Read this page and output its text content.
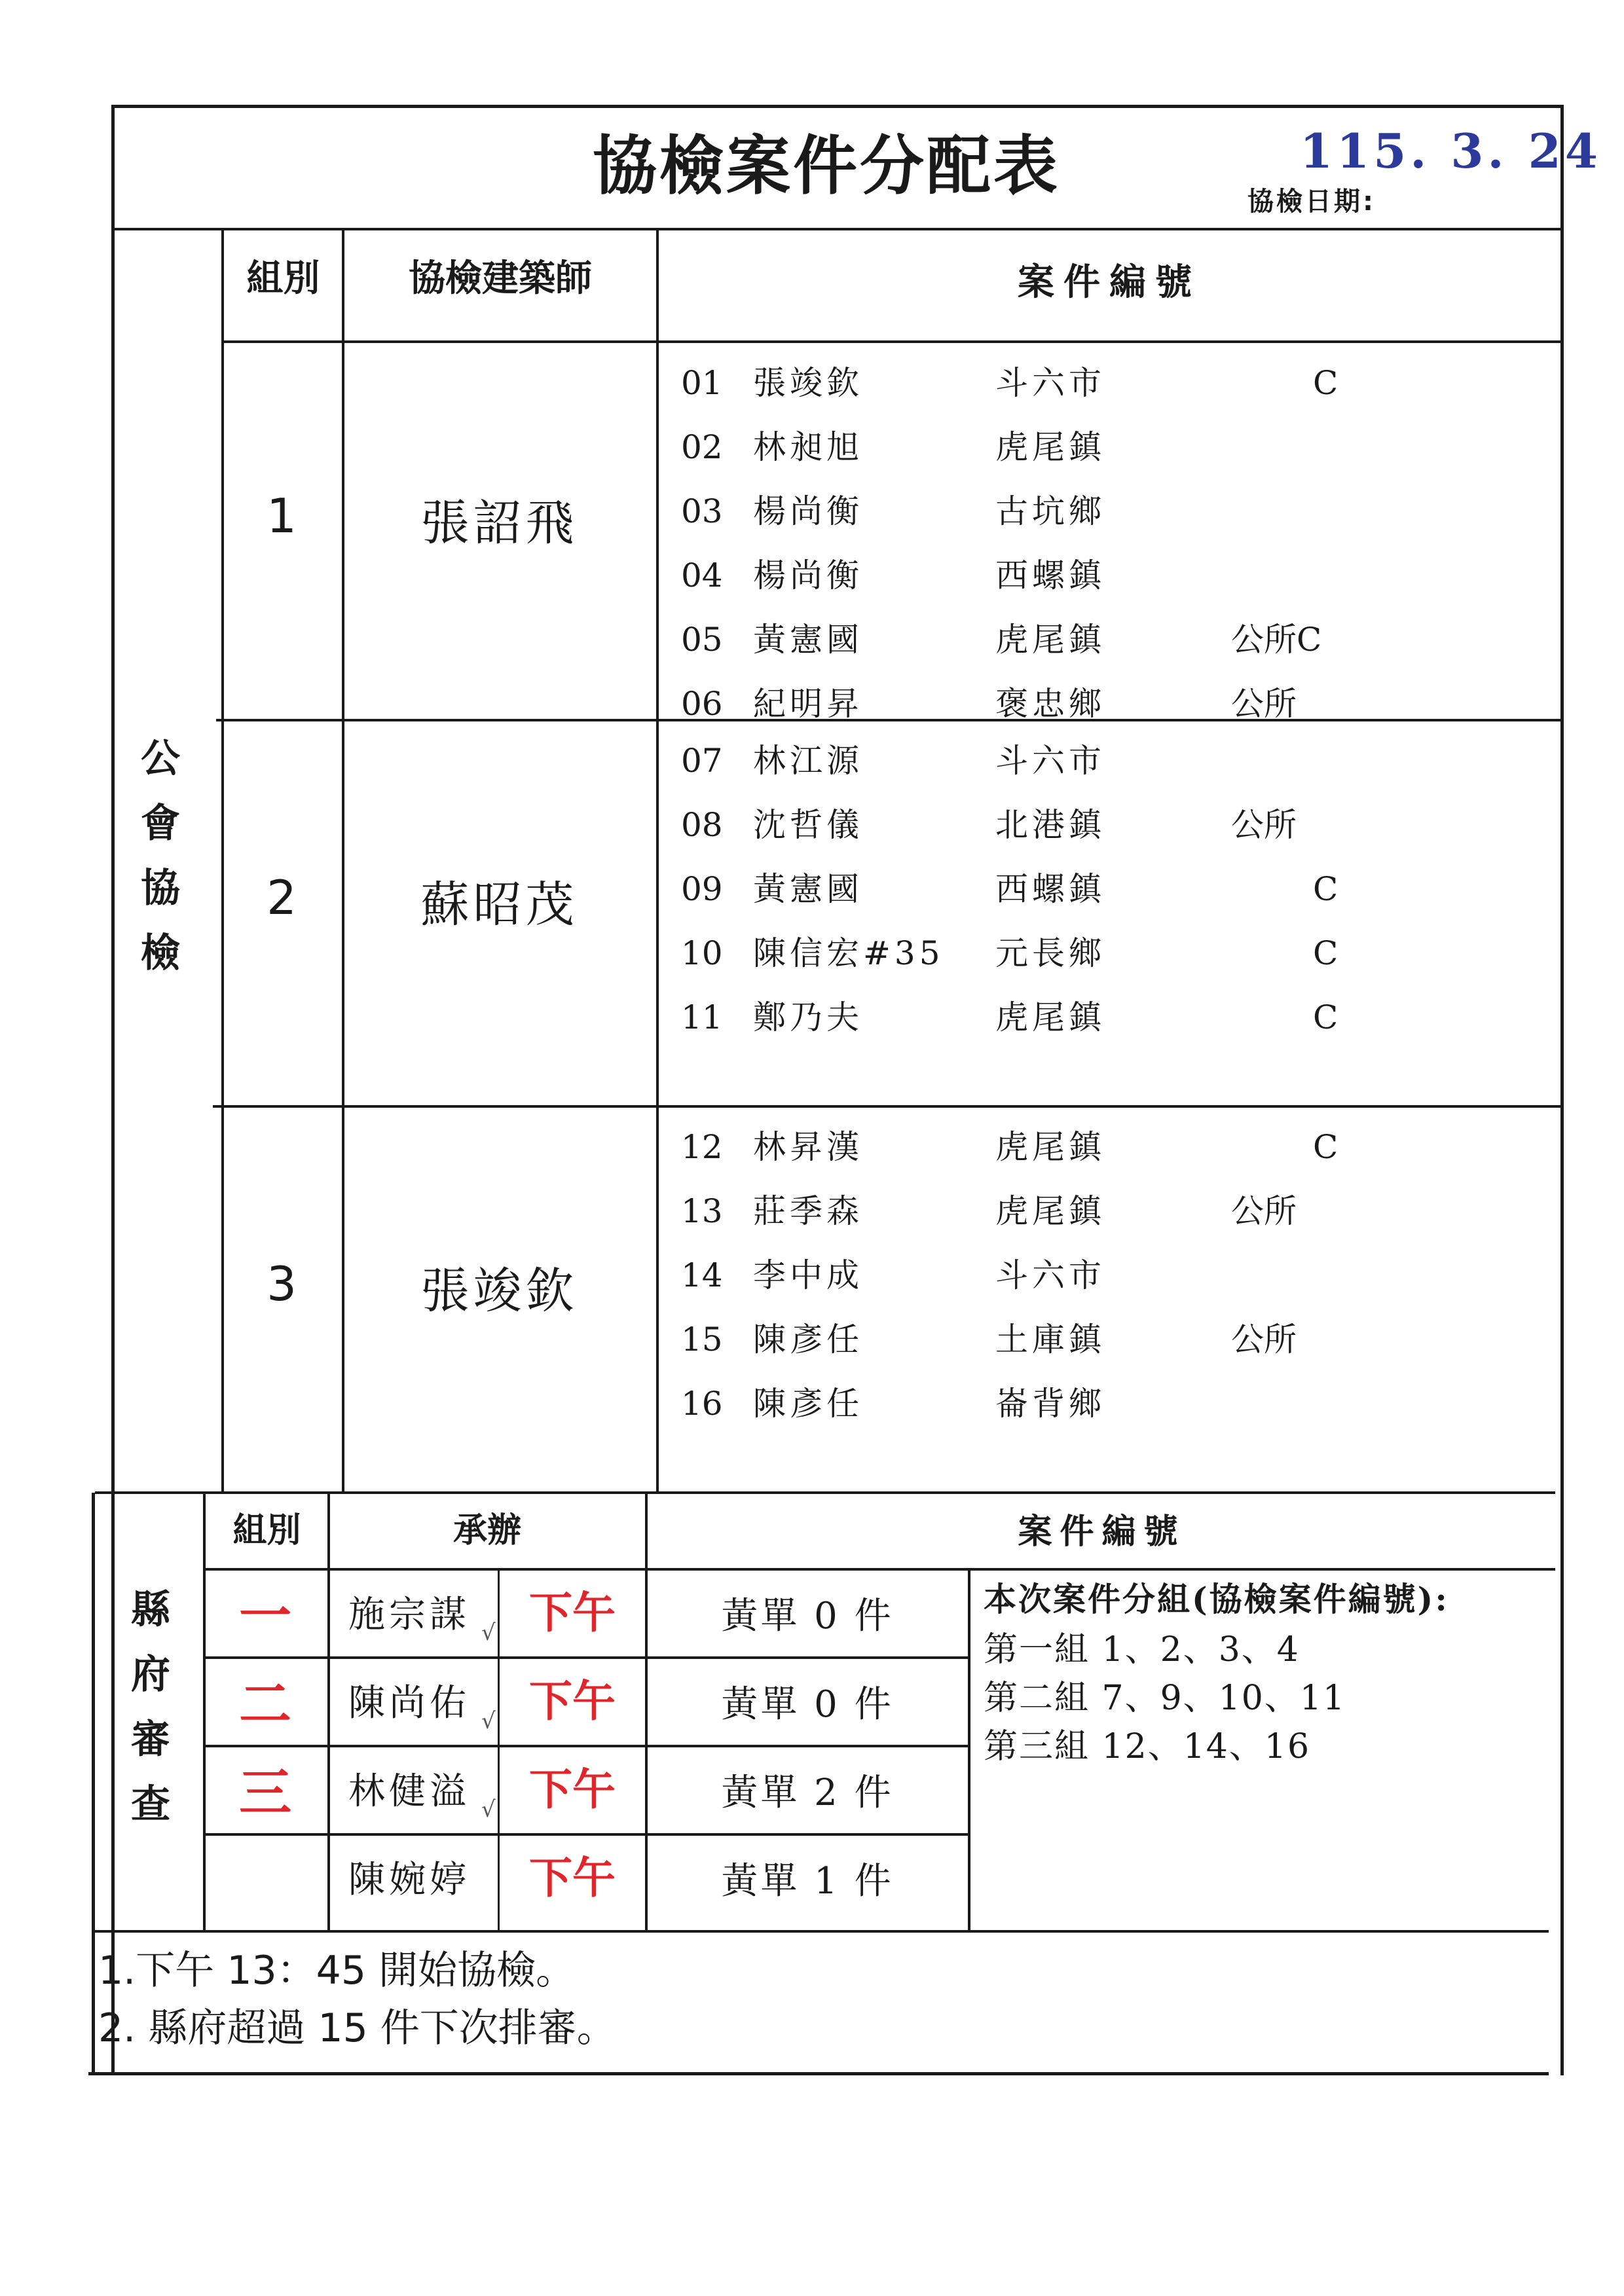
協檢案件分配表	115. 3. 24
協檢日期:
公
會
協
檢
組別	協檢建築師	案件編號
1	張詔飛
01 張竣欽	斗六市	C
02 林昶旭	虎尾鎮
03 楊尚衡	古坑鄉
04 楊尚衡	西螺鎮
05 黃憲國	虎尾鎮	公所C
06 紀明昇	褒忠鄉	公所
2	蘇昭茂
07 林江源	斗六市
08 沈哲儀	北港鎮	公所
09 黃憲國	西螺鎮	C
10 陳信宏#35 元長鄉	C
11 鄭乃夫	虎尾鎮	C
3	張竣欽
12 林昇漢	虎尾鎮	C
13 莊季森	虎尾鎮	公所
14 李中成	斗六市
15 陳彥任	土庫鎮	公所
16 陳彥任	崙背鄉
縣
府
審
查
組別	承辦	案件編號
一	施宗謀 √ 下午	黃單 0 件
二	陳尚佑 √ 下午	黃單 0 件
三	林健溢 √ 下午	黃單 2 件
陳婉婷	下午	黃單 1 件
本次案件分組(協檢案件編號):
第一組 1、2、3、4
第二組 7、9、10、11
第三組 12、14、16
1.下午 13：45 開始協檢。
2. 縣府超過 15 件下次排審。
